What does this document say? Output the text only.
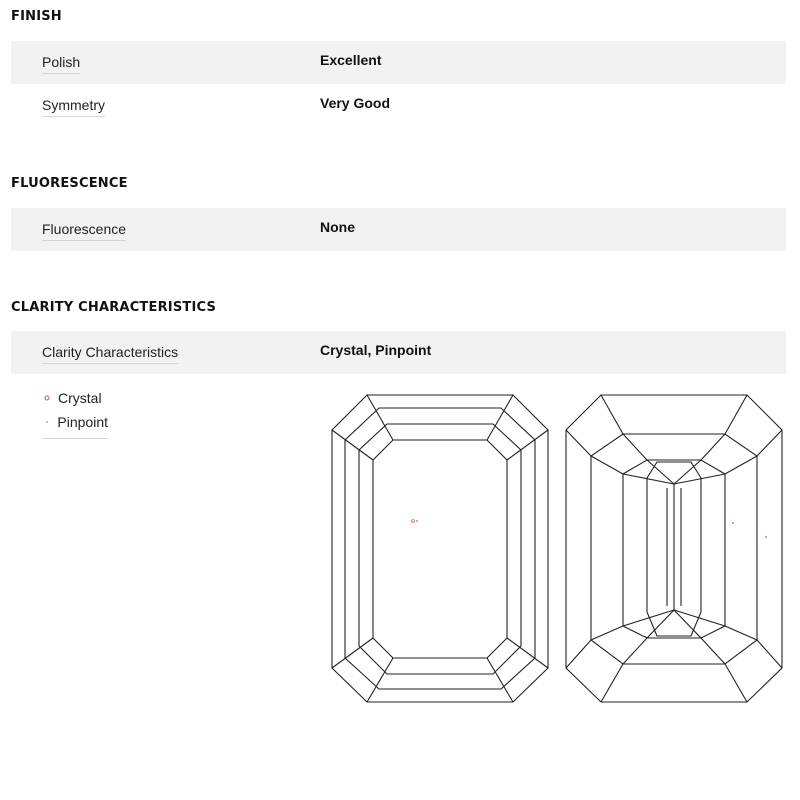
FINISH
Polish	Excellent
Symmetry	Very Good
FLUORESCENCE
Fluorescence	None
CLARITY CHARACTERISTICS
Clarity Characteristics	Crystal, Pinpoint
Crystal
Pinpoint
